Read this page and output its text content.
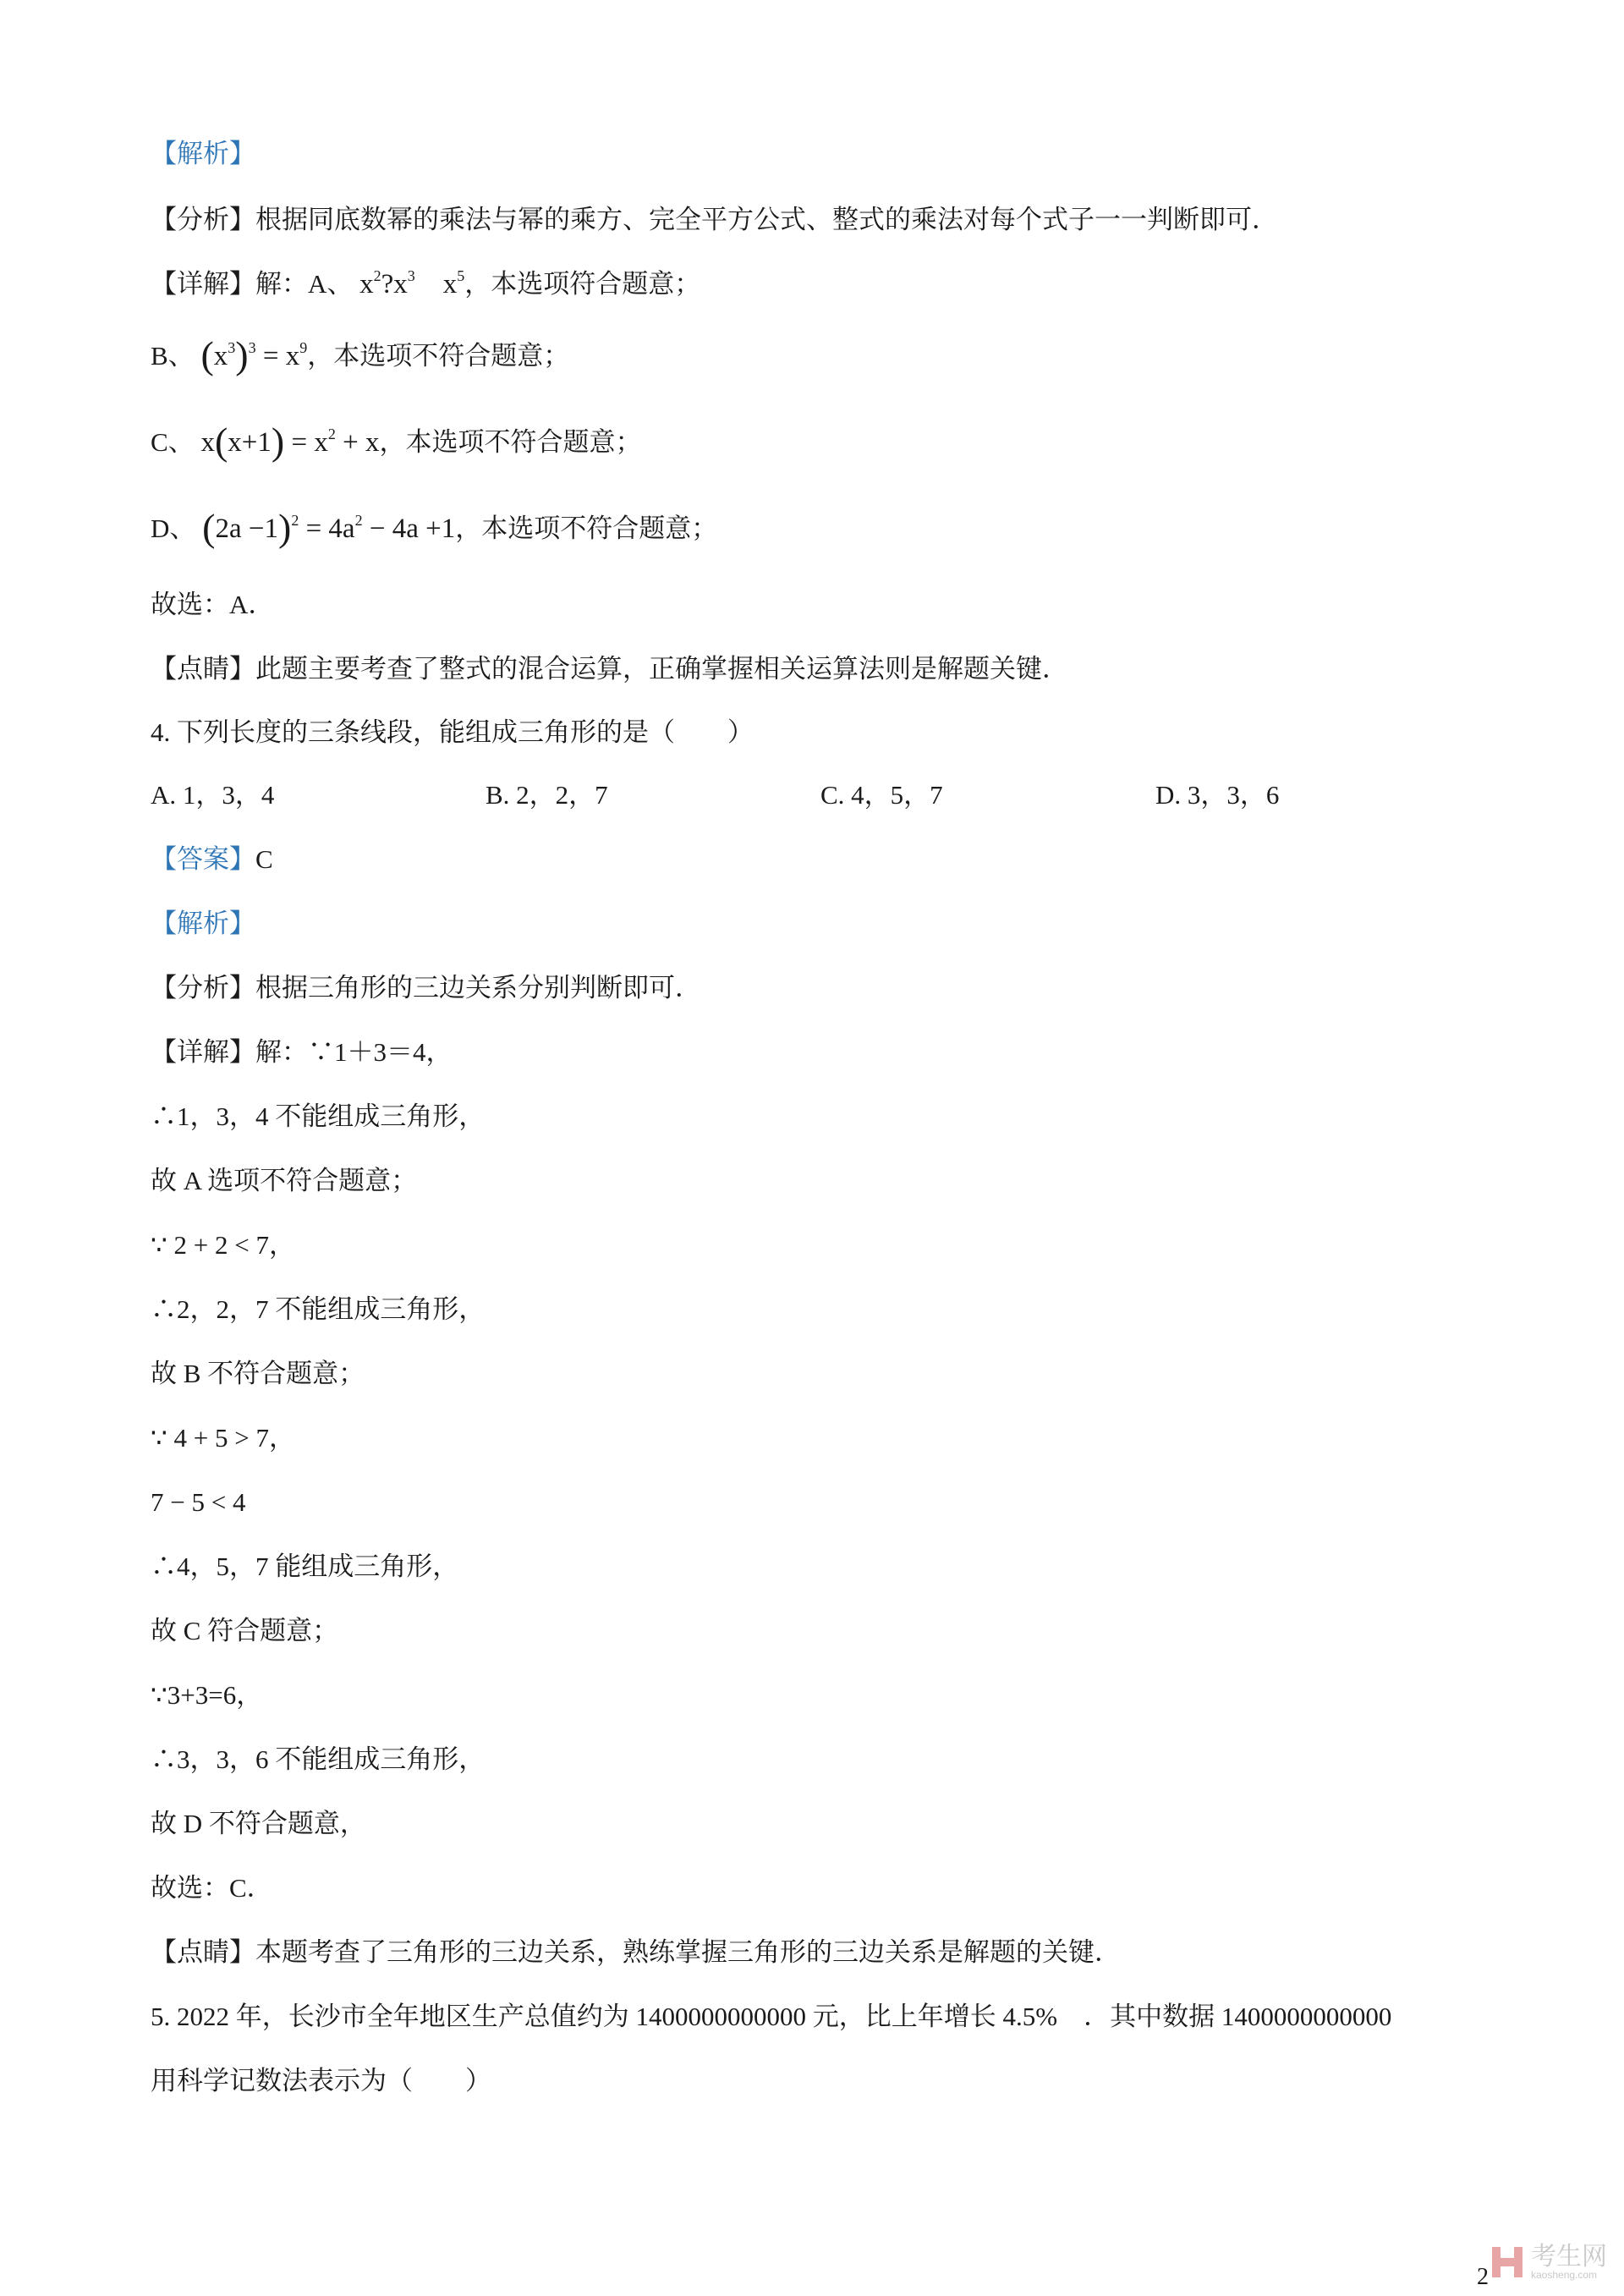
【解析】
【分析】根据同底数幂的乘法与幂的乘方、完全平方公式、整式的乘法对每个式子一一判断即可．
【详解】解：A、 $x^2?x^3$    $x^5$，本选项符合题意；
B、 $(x^3)^3 = x^9$，本选项不符合题意；
C、 $x(x+1) = x^2 + x$，本选项不符合题意；
D、 $(2a -1)^2 = 4a^2 - 4a +1$，本选项不符合题意；
故选：A．
【点睛】此题主要考查了整式的混合运算，正确掌握相关运算法则是解题关键．
4. 下列长度的三条线段，能组成三角形的是（　　）
A. 1，3，4	B. 2，2，7	C. 4，5，7	D. 3，3，6
【答案】C
【解析】
【分析】根据三角形的三边关系分别判断即可．
【详解】解：∵1＋3＝4，
∴1，3，4 不能组成三角形，
故 A 选项不符合题意；
∵ 2 + 2 < 7，
∴2，2，7 不能组成三角形，
故 B 不符合题意；
∵ 4 + 5 > 7，
7 − 5 < 4
∴4，5，7 能组成三角形，
故 C 符合题意；
∵3+3=6，
∴3，3，6 不能组成三角形，
故 D 不符合题意，
故选：C．
【点睛】本题考查了三角形的三边关系，熟练掌握三角形的三边关系是解题的关键．
5. 2022 年，长沙市全年地区生产总值约为 1400000000000 元，比上年增长 4.5%　．其中数据 1400000000000
用科学记数法表示为（　　）
2
考生网
kaosheng.com
